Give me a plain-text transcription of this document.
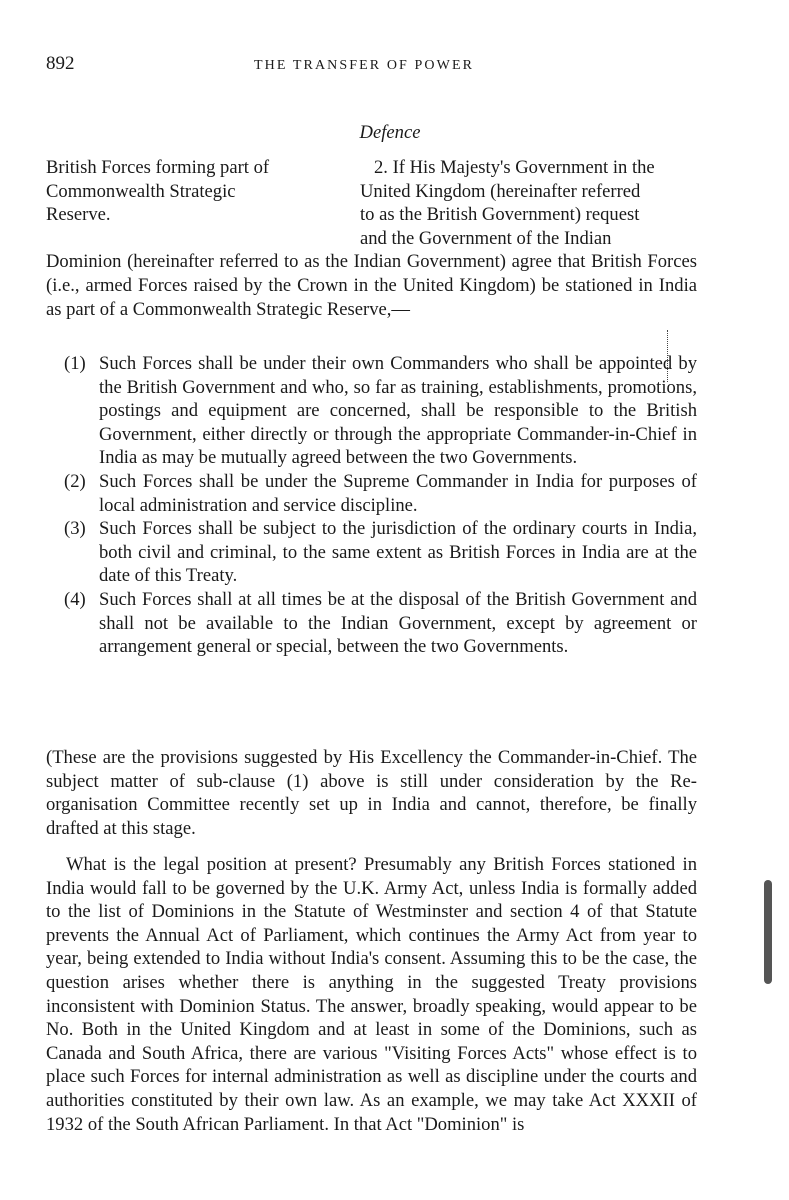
892	THE TRANSFER OF POWER
Defence
British Forces forming part of
Commonwealth Strategic
Reserve.
2. If His Majesty's Government in the
United Kingdom (hereinafter referred
to as the British Government) request
and the Government of the Indian

Dominion (hereinafter referred to as the Indian Government) agree that British Forces (i.e., armed Forces raised by the Crown in the United Kingdom) be stationed in India as part of a Commonwealth Strategic Reserve,—

(1) Such Forces shall be under their own Commanders who shall be appointed by the British Government and who, so far as training, establishments, promotions, postings and equipment are concerned, shall be responsible to the British Government, either directly or through the appropriate Commander-in-Chief in India as may be mutually agreed between the two Governments.

(2) Such Forces shall be under the Supreme Commander in India for purposes of local administration and service discipline.

(3) Such Forces shall be subject to the jurisdiction of the ordinary courts in India, both civil and criminal, to the same extent as British Forces in India are at the date of this Treaty.

(4) Such Forces shall at all times be at the disposal of the British Government and shall not be available to the Indian Government, except by agreement or arrangement general or special, between the two Governments.

(These are the provisions suggested by His Excellency the Commander-in-Chief. The subject matter of sub-clause (1) above is still under consideration by the Re-organisation Committee recently set up in India and cannot, therefore, be finally drafted at this stage.

What is the legal position at present? Presumably any British Forces stationed in India would fall to be governed by the U.K. Army Act, unless India is formally added to the list of Dominions in the Statute of Westminster and section 4 of that Statute prevents the Annual Act of Parliament, which continues the Army Act from year to year, being extended to India without India's consent. Assuming this to be the case, the question arises whether there is anything in the suggested Treaty provisions inconsistent with Dominion Status. The answer, broadly speaking, would appear to be No. Both in the United Kingdom and at least in some of the Dominions, such as Canada and South Africa, there are various "Visiting Forces Acts" whose effect is to place such Forces for internal administration as well as discipline under the courts and authorities constituted by their own law. As an example, we may take Act XXXII of 1932 of the South African Parliament. In that Act "Dominion" is
